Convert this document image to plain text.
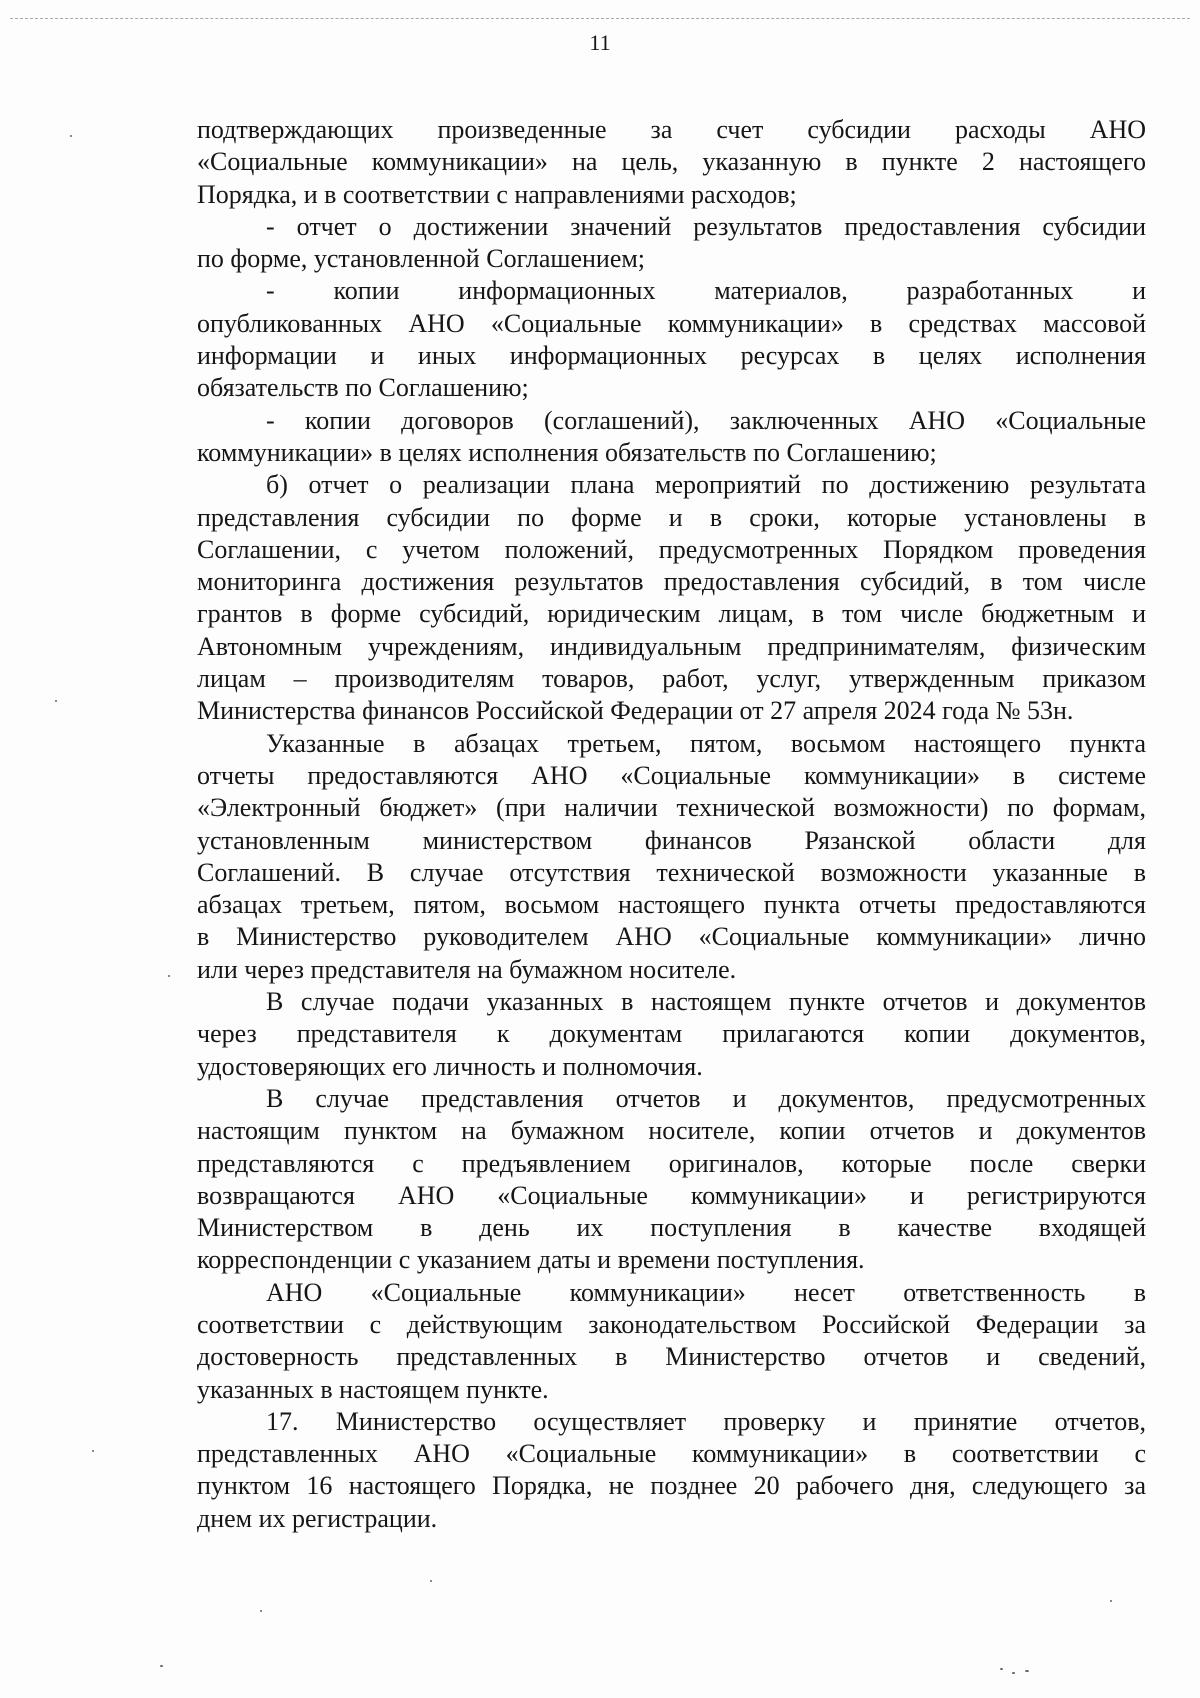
11

подтверждающих произведенные за счет субсидии расходы АНО

«Социальные коммуникации» на цель, указанную в пункте 2 настоящего

Порядка, и в соответствии с направлениями расходов;

- отчет о достижении значений результатов предоставления субсидии

по форме, установленной Соглашением;

- копии информационных материалов, разработанных и

опубликованных АНО «Социальные коммуникации» в средствах массовой

информации и иных информационных ресурсах в целях исполнения

обязательств по Соглашению;

- копии договоров (соглашений), заключенных АНО «Социальные

коммуникации» в целях исполнения обязательств по Соглашению;

б) отчет о реализации плана мероприятий по достижению результата

представления субсидии по форме и в сроки, которые установлены в

Соглашении, с учетом положений, предусмотренных Порядком проведения

мониторинга достижения результатов предоставления субсидий, в том числе

грантов в форме субсидий, юридическим лицам, в том числе бюджетным и

Автономным учреждениям, индивидуальным предпринимателям, физическим

лицам – производителям товаров, работ, услуг, утвержденным приказом

Министерства финансов Российской Федерации от 27 апреля 2024 года № 53н.

Указанные в абзацах третьем, пятом, восьмом настоящего пункта

отчеты предоставляются АНО «Социальные коммуникации» в системе

«Электронный бюджет» (при наличии технической возможности) по формам,

установленным министерством финансов Рязанской области для

Соглашений. В случае отсутствия технической возможности указанные в

абзацах третьем, пятом, восьмом настоящего пункта отчеты предоставляются

в Министерство руководителем АНО «Социальные коммуникации» лично

или через представителя на бумажном носителе.

В случае подачи указанных в настоящем пункте отчетов и документов

через представителя к документам прилагаются копии документов,

удостоверяющих его личность и полномочия.

В случае представления отчетов и документов, предусмотренных

настоящим пунктом на бумажном носителе, копии отчетов и документов

представляются с предъявлением оригиналов, которые после сверки

возвращаются АНО «Социальные коммуникации» и регистрируются

Министерством в день их поступления в качестве входящей

корреспонденции с указанием даты и времени поступления.

АНО «Социальные коммуникации» несет ответственность в

соответствии с действующим законодательством Российской Федерации за

достоверность представленных в Министерство отчетов и сведений,

указанных в настоящем пункте.

17. Министерство осуществляет проверку и принятие отчетов,

представленных АНО «Социальные коммуникации» в соответствии с

пунктом 16 настоящего Порядка, не позднее 20 рабочего дня, следующего за

днем их регистрации.
